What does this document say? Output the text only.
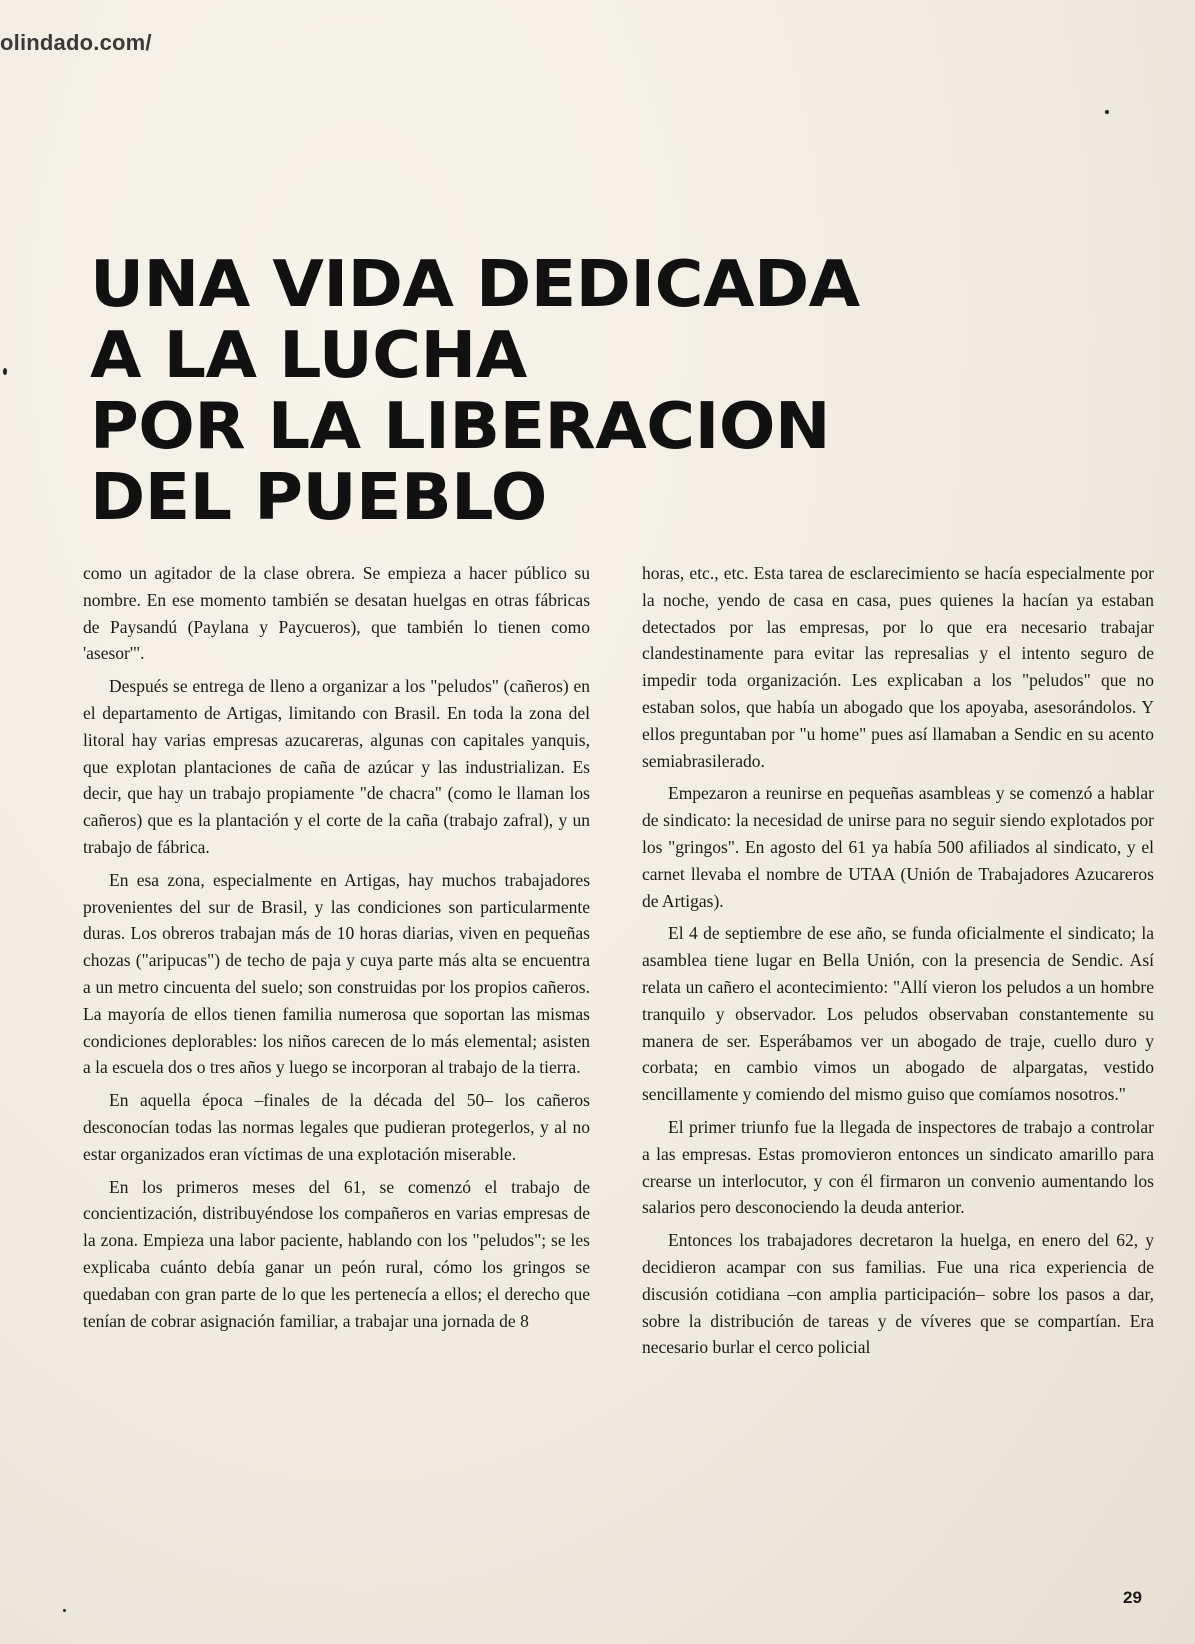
olindado.com/
UNA VIDA DEDICADA
A LA LUCHA
POR LA LIBERACION
DEL PUEBLO

como un agitador de la clase obrera. Se empieza a hacer público su nombre. En ese momento también se desatan huelgas en otras fábricas de Paysandú (Paylana y Paycueros), que también lo tienen como 'asesor'".

Después se entrega de lleno a organizar a los "peludos" (cañeros) en el departamento de Artigas, limitando con Brasil. En toda la zona del litoral hay varias empresas azucareras, algunas con capitales yanquis, que explotan plantaciones de caña de azúcar y las industrializan. Es decir, que hay un trabajo propiamente "de chacra" (como le llaman los cañeros) que es la plantación y el corte de la caña (trabajo zafral), y un trabajo de fábrica.

En esa zona, especialmente en Artigas, hay muchos trabajadores provenientes del sur de Brasil, y las condiciones son particularmente duras. Los obreros trabajan más de 10 horas diarias, viven en pequeñas chozas ("aripucas") de techo de paja y cuya parte más alta se encuentra a un metro cincuenta del suelo; son construidas por los propios cañeros. La mayoría de ellos tienen familia numerosa que soportan las mismas condiciones deplorables: los niños carecen de lo más elemental; asisten a la escuela dos o tres años y luego se incorporan al trabajo de la tierra.

En aquella época –finales de la década del 50– los cañeros desconocían todas las normas legales que pudieran protegerlos, y al no estar organizados eran víctimas de una explotación miserable.

En los primeros meses del 61, se comenzó el trabajo de concientización, distribuyéndose los compañeros en varias empresas de la zona. Empieza una labor paciente, hablando con los "peludos"; se les explicaba cuánto debía ganar un peón rural, cómo los gringos se quedaban con gran parte de lo que les pertenecía a ellos; el derecho que tenían de cobrar asignación familiar, a trabajar una jornada de 8

horas, etc., etc. Esta tarea de esclarecimiento se hacía especialmente por la noche, yendo de casa en casa, pues quienes la hacían ya estaban detectados por las empresas, por lo que era necesario trabajar clandestinamente para evitar las represalias y el intento seguro de impedir toda organización. Les explicaban a los "peludos" que no estaban solos, que había un abogado que los apoyaba, asesorándolos. Y ellos preguntaban por "u home" pues así llamaban a Sendic en su acento semiabrasilerado.

Empezaron a reunirse en pequeñas asambleas y se comenzó a hablar de sindicato: la necesidad de unirse para no seguir siendo explotados por los "gringos". En agosto del 61 ya había 500 afiliados al sindicato, y el carnet llevaba el nombre de UTAA (Unión de Trabajadores Azucareros de Artigas).

El 4 de septiembre de ese año, se funda oficialmente el sindicato; la asamblea tiene lugar en Bella Unión, con la presencia de Sendic. Así relata un cañero el acontecimiento: "Allí vieron los peludos a un hombre tranquilo y observador. Los peludos observaban constantemente su manera de ser. Esperábamos ver un abogado de traje, cuello duro y corbata; en cambio vimos un abogado de alpargatas, vestido sencillamente y comiendo del mismo guiso que comíamos nosotros."

El primer triunfo fue la llegada de inspectores de trabajo a controlar a las empresas. Estas promovieron entonces un sindicato amarillo para crearse un interlocutor, y con él firmaron un convenio aumentando los salarios pero desconociendo la deuda anterior.

Entonces los trabajadores decretaron la huelga, en enero del 62, y decidieron acampar con sus familias. Fue una rica experiencia de discusión cotidiana –con amplia participación– sobre los pasos a dar, sobre la distribución de tareas y de víveres que se compartían. Era necesario burlar el cerco policial

29
